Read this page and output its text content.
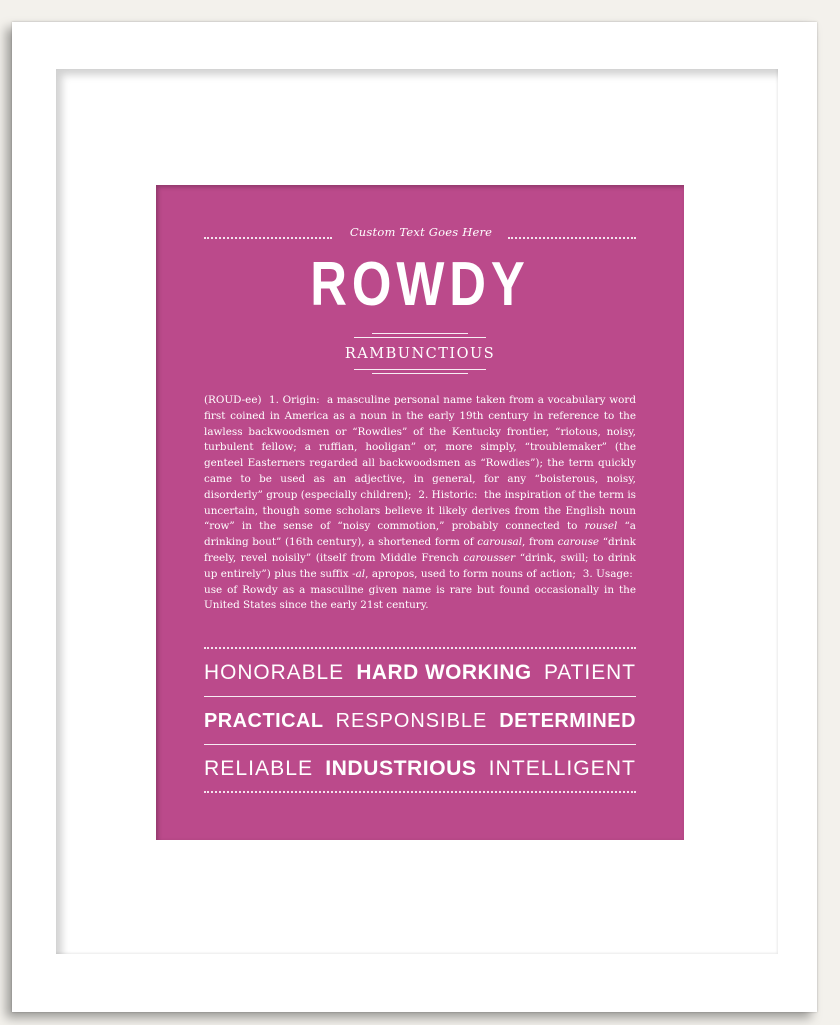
Custom Text Goes Here
ROWDY
RAMBUNCTIOUS
(ROUD-ee)  1. Origin:  a masculine personal name taken from a vocabulary word first coined in America as a noun in the early 19th century in reference to the lawless backwoodsmen or “Rowdies” of the Kentucky frontier, “riotous, noisy, turbulent fellow; a ruffian, hooligan” or, more simply, “troublemaker” (the genteel Easterners regarded all backwoodsmen as “Rowdies”); the term quickly came to be used as an adjective, in general, for any “boisterous, noisy, disorderly” group (especially children);  2. Historic:  the inspiration of the term is uncertain, though some scholars believe it likely derives from the English noun “row” in the sense of “noisy commotion,” probably connected to rousel “a drinking bout” (16th century), a shortened form of carousal, from carouse “drink freely, revel noisily” (itself from Middle French carousser “drink, swill; to drink up entirely”) plus the suffix -al, apropos, used to form nouns of action;  3. Usage:  use of Rowdy as a masculine given name is rare but found occasionally in the United States since the early 21st century.
HONORABLE HARD WORKING PATIENT
PRACTICAL RESPONSIBLE DETERMINED
RELIABLE INDUSTRIOUS INTELLIGENT
